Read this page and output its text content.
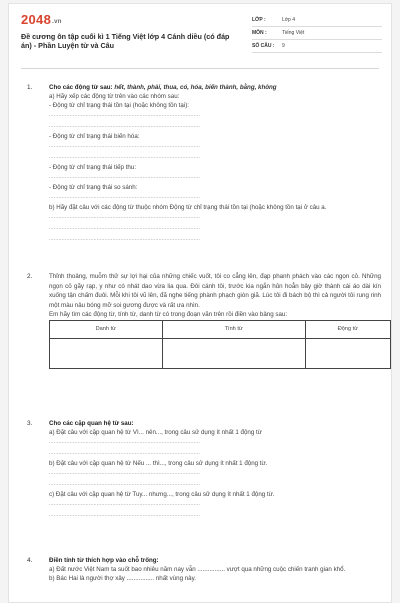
2048.vn
Đề cương ôn tập cuối kì 1 Tiếng Việt lớp 4 Cánh diều (có đáp án) - Phần Luyện từ và Câu
LỚP :	Lớp 4
MÔN :	Tiếng Việt
SỐ CÂU :	9
1.	Cho các động từ sau: hết, thành, phải, thua, có, hóa, biến thành, bằng, không
a) Hãy xếp các động từ trên vào các nhóm sau:
- Động từ chỉ trạng thái tồn tại (hoặc không tồn tại):
...............................................................................................
...............................................................................................
- Động từ chỉ trạng thái biến hóa:
...............................................................................................
...............................................................................................
- Động từ chỉ trạng thái tiếp thu:
...............................................................................................
- Động từ chỉ trạng thái so sánh:
...............................................................................................
b) Hãy đặt câu với các động từ thuộc nhóm Động từ chỉ trạng thái tồn tại (hoặc không tồn tại ở câu a.
...............................................................................................
...............................................................................................
...............................................................................................
2.	Thỉnh thoảng, muỗm thử sự lợi hại của những chiếc vuốt, tôi co cẳng lên, đạp phanh phách vào các ngọn cỏ. Những ngọn cỏ gãy rạp, y như có nhát dao vừa lia qua. Đôi cánh tôi, trước kia ngắn hủn hoẳn bây giờ thành cái áo dài kín xuống tận chấm đuôi. Mỗi khi tôi vũ lên, đã nghe tiếng phành phạch giòn giã. Lúc tôi đi bách bộ thì cả người tôi rung rinh một màu nâu bóng mỡ soi gương được và rất ưa nhìn.
Em hãy tìm các động từ, tính từ, danh từ có trong đoạn văn trên rồi điền vào bảng sau:
Danh từ	Tính từ	Động từ

3.	Cho các cặp quan hệ từ sau:
a) Đặt câu với cặp quan hệ từ Vì... nên..., trong câu sử dụng ít nhất 1 động từ
...............................................................................................
...............................................................................................
b) Đặt câu với cặp quan hệ từ Nếu ... thì..., trong câu sử dụng ít nhất 1 động từ.
...............................................................................................
...............................................................................................
c) Đặt câu với cặp quan hệ từ Tuy... nhưng..., trong câu sử dụng ít nhất 1 động từ.
...............................................................................................
...............................................................................................
4.	Điền tính từ thích hợp vào chỗ trống:
a) Đất nước Việt Nam ta suốt bao nhiêu năm nay vẫn ................ vượt qua những cuộc chiến tranh gian khổ.
b) Bác Hai là người thợ xây ................ nhất vùng này.
